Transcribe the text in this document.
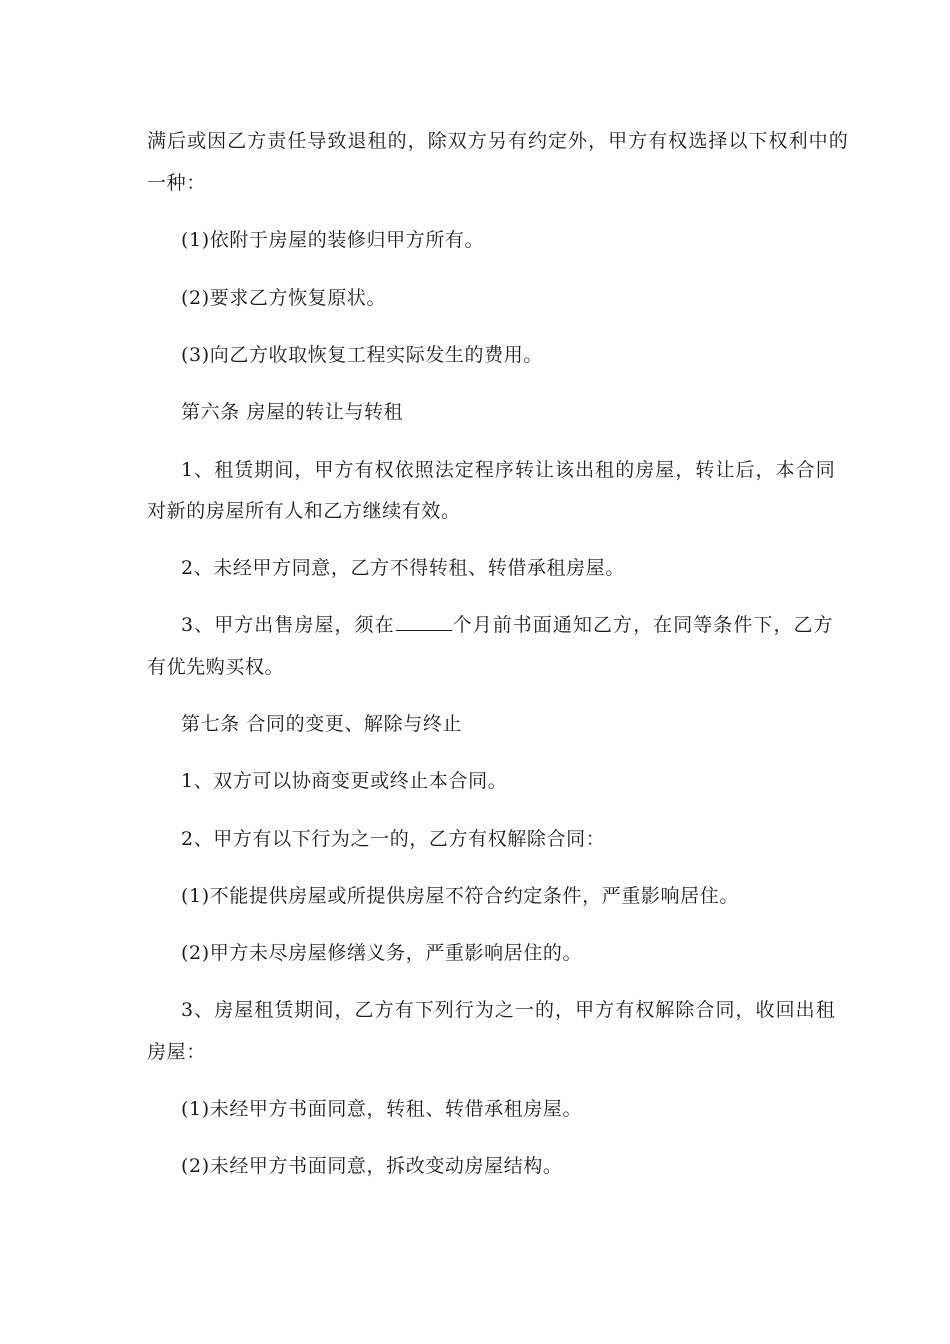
满后或因乙方责任导致退租的，除双方另有约定外，甲方有权选择以下权利中的
一种：
(1)依附于房屋的装修归甲方所有。
(2)要求乙方恢复原状。
(3)向乙方收取恢复工程实际发生的费用。
第六条 房屋的转让与转租
1、租赁期间，甲方有权依照法定程序转让该出租的房屋，转让后，本合同
对新的房屋所有人和乙方继续有效。
2、未经甲方同意，乙方不得转租、转借承租房屋。
3、甲方出售房屋，须在	个月前书面通知乙方，在同等条件下，乙方
有优先购买权。
第七条 合同的变更、解除与终止
1、双方可以协商变更或终止本合同。
2、甲方有以下行为之一的，乙方有权解除合同：
(1)不能提供房屋或所提供房屋不符合约定条件，严重影响居住。
(2)甲方未尽房屋修缮义务，严重影响居住的。
3、房屋租赁期间，乙方有下列行为之一的，甲方有权解除合同，收回出租
房屋：
(1)未经甲方书面同意，转租、转借承租房屋。
(2)未经甲方书面同意，拆改变动房屋结构。
